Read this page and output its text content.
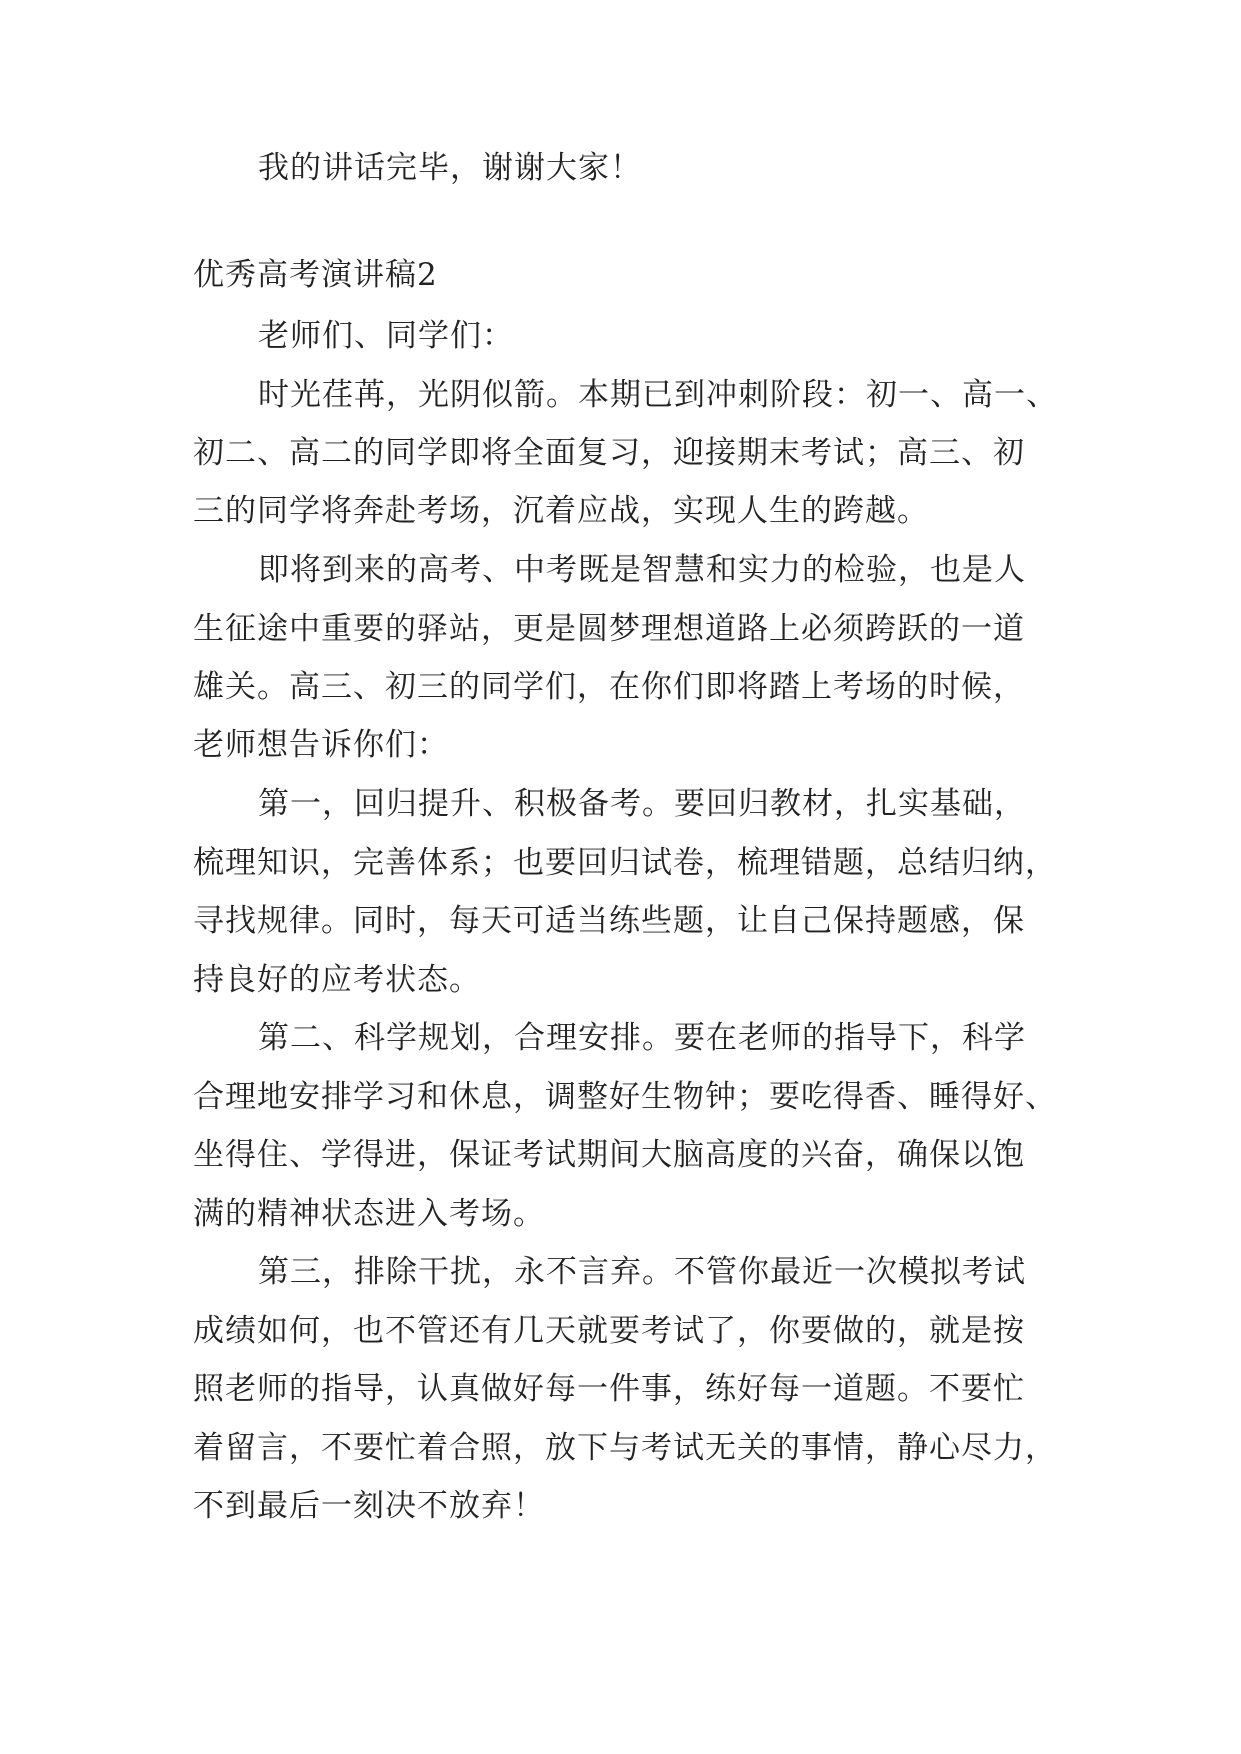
我的讲话完毕，谢谢大家！
优秀高考演讲稿2
老师们、同学们：
时光荏苒，光阴似箭。本期已到冲刺阶段：初一、高一、
初二、高二的同学即将全面复习，迎接期末考试；高三、初
三的同学将奔赴考场，沉着应战，实现人生的跨越。
即将到来的高考、中考既是智慧和实力的检验，也是人
生征途中重要的驿站，更是圆梦理想道路上必须跨跃的一道
雄关。高三、初三的同学们，在你们即将踏上考场的时候，
老师想告诉你们：
第一，回归提升、积极备考。要回归教材，扎实基础，
梳理知识，完善体系；也要回归试卷，梳理错题，总结归纳，
寻找规律。同时，每天可适当练些题，让自己保持题感，保
持良好的应考状态。
第二、科学规划，合理安排。要在老师的指导下，科学
合理地安排学习和休息，调整好生物钟；要吃得香、睡得好、
坐得住、学得进，保证考试期间大脑高度的兴奋，确保以饱
满的精神状态进入考场。
第三，排除干扰，永不言弃。不管你最近一次模拟考试
成绩如何，也不管还有几天就要考试了，你要做的，就是按
照老师的指导，认真做好每一件事，练好每一道题。不要忙
着留言，不要忙着合照，放下与考试无关的事情，静心尽力，
不到最后一刻决不放弃！
